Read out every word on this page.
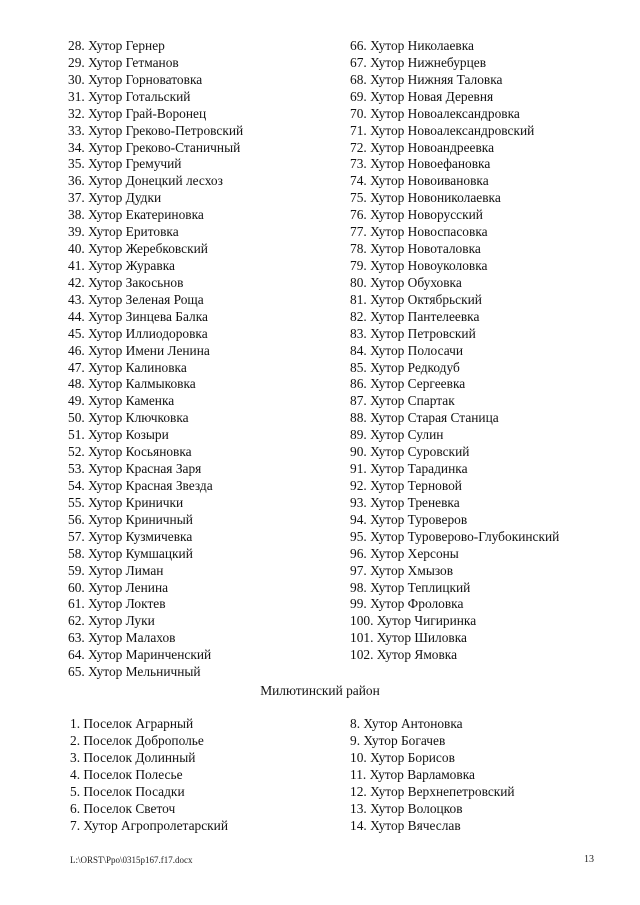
28. Хутор Гернер
29. Хутор Гетманов
30. Хутор Горноватовка
31. Хутор Готальский
32. Хутор Грай-Воронец
33. Хутор Греково-Петровский
34. Хутор Греково-Станичный
35. Хутор Гремучий
36. Хутор Донецкий лесхоз
37. Хутор Дудки
38. Хутор Екатериновка
39. Хутор Еритовка
40. Хутор Жеребковский
41. Хутор Журавка
42. Хутор Закосьнов
43. Хутор Зеленая Роща
44. Хутор Зинцева Балка
45. Хутор Иллиодоровка
46. Хутор Имени Ленина
47. Хутор Калиновка
48. Хутор Калмыковка
49. Хутор Каменка
50. Хутор Ключковка
51. Хутор Козыри
52. Хутор Косьяновка
53. Хутор Красная Заря
54. Хутор Красная Звезда
55. Хутор Кринички
56. Хутор Криничный
57. Хутор Кузмичевка
58. Хутор Кумшацкий
59. Хутор Лиман
60. Хутор Ленина
61. Хутор Локтев
62. Хутор Луки
63. Хутор Малахов
64. Хутор Маринченский
65. Хутор Мельничный
66. Хутор Николаевка
67. Хутор Нижнебурцев
68. Хутор Нижняя Таловка
69. Хутор Новая Деревня
70. Хутор Новоалександровка
71. Хутор Новоалександровский
72. Хутор Новоандреевка
73. Хутор Новоефановка
74. Хутор Новоивановка
75. Хутор Новониколаевка
76. Хутор Новорусский
77. Хутор Новоспасовка
78. Хутор Новоталовка
79. Хутор Новоуколовка
80. Хутор Обуховка
81. Хутор Октябрьский
82. Хутор Пантелеевка
83. Хутор Петровский
84. Хутор Полосачи
85. Хутор Редкодуб
86. Хутор Сергеевка
87. Хутор Спартак
88. Хутор Старая Станица
89. Хутор Сулин
90. Хутор Суровский
91. Хутор Тарадинка
92. Хутор Терновой
93. Хутор Треневка
94. Хутор Туроверов
95. Хутор Туроверово-Глубокинский
96. Хутор Херсоны
97. Хутор Хмызов
98. Хутор Теплицкий
99. Хутор Фроловка
100. Хутор Чигиринка
101. Хутор Шиловка
102. Хутор Ямовка
Милютинский район
1. Поселок Аграрный
2. Поселок Доброполье
3. Поселок Долинный
4. Поселок Полесье
5. Поселок Посадки
6. Поселок Светоч
7. Хутор Агропролетарский
8. Хутор Антоновка
9. Хутор Богачев
10. Хутор Борисов
11. Хутор Варламовка
12. Хутор Верхнепетровский
13. Хутор Волоцков
14. Хутор Вячеслав
L:\ORST\Ppo\0315p167.f17.docx	13
